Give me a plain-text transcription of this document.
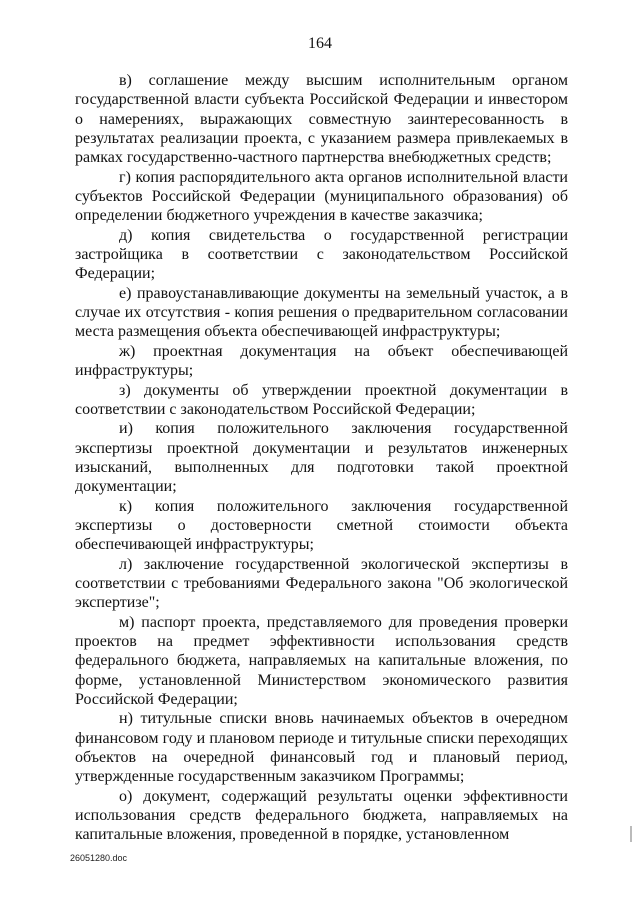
164

в) соглашение между высшим исполнительным органом государственной власти субъекта Российской Федерации и инвестором о намерениях, выражающих совместную заинтересованность в результатах реализации проекта, с указанием размера привлекаемых в рамках государственно-частного партнерства внебюджетных средств;

г) копия распорядительного акта органов исполнительной власти субъектов Российской Федерации (муниципального образования) об определении бюджетного учреждения в качестве заказчика;

д) копия свидетельства о государственной регистрации застройщика в соответствии с законодательством Российской Федерации;

е) правоустанавливающие документы на земельный участок, а в случае их отсутствия - копия решения о предварительном согласовании места размещения объекта обеспечивающей инфраструктуры;

ж) проектная документация на объект обеспечивающей инфраструктуры;

з) документы об утверждении проектной документации в соответствии с законодательством Российской Федерации;

и) копия положительного заключения государственной экспертизы проектной документации и результатов инженерных изысканий, выполненных для подготовки такой проектной документации;

к) копия положительного заключения государственной экспертизы о достоверности сметной стоимости объекта обеспечивающей инфраструктуры;

л) заключение государственной экологической экспертизы в соответствии с требованиями Федерального закона "Об экологической экспертизе";

м) паспорт проекта, представляемого для проведения проверки проектов на предмет эффективности использования средств федерального бюджета, направляемых на капитальные вложения, по форме, установленной Министерством экономического развития Российской Федерации;

н) титульные списки вновь начинаемых объектов в очередном финансовом году и плановом периоде и титульные списки переходящих объектов на очередной финансовый год и плановый период, утвержденные государственным заказчиком Программы;

о) документ, содержащий результаты оценки эффективности использования средств федерального бюджета, направляемых на капитальные вложения, проведенной в порядке, установленном

26051280.doc
